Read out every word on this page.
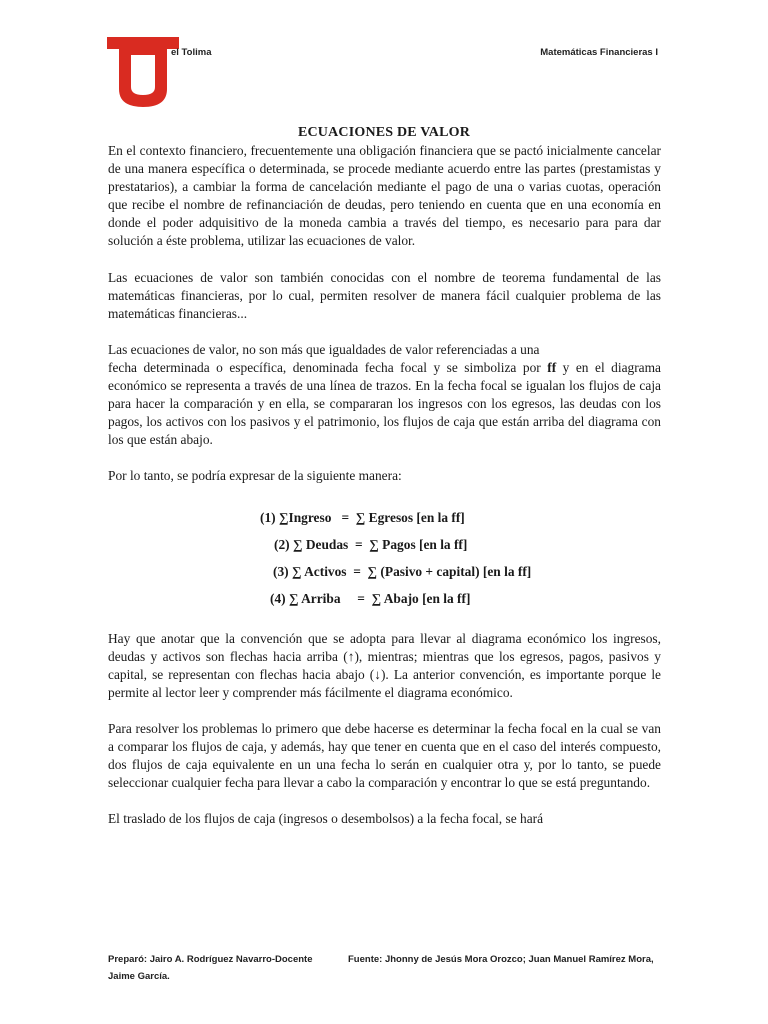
el Tolima	Matemáticas Financieras I
ECUACIONES DE VALOR

En el contexto financiero, frecuentemente una obligación financiera que se pactó inicialmente cancelar de una manera específica o determinada, se procede mediante acuerdo entre las partes (prestamistas y prestatarios), a cambiar la forma de cancelación mediante el pago de una o varias cuotas, operación que recibe el nombre de refinanciación de deudas, pero teniendo en cuenta que en una economía en donde el poder adquisitivo de la moneda cambia a través del tiempo, es necesario para para dar solución a éste problema, utilizar las ecuaciones de valor.

Las ecuaciones de valor son también conocidas con el nombre de teorema fundamental de las matemáticas financieras, por lo cual, permiten resolver de manera fácil cualquier problema de las matemáticas financieras...

Las ecuaciones de valor, no son más que igualdades de valor referenciadas a una
fecha determinada o específica, denominada fecha focal y se simboliza por ff y en el diagrama económico se representa a través de una línea de trazos. En la fecha focal se igualan los flujos de caja para hacer la comparación y en ella, se compararan los ingresos con los egresos, las deudas con los pagos, los activos con los pasivos y el patrimonio, los flujos de caja que están arriba del diagrama con los que están abajo.

Por lo tanto, se podría expresar de la siguiente manera:

(1) ∑Ingreso   =  ∑ Egresos [en la ff]
(2) ∑ Deudas  =  ∑ Pagos [en la ff]
(3) ∑ Activos  =  ∑ (Pasivo + capital) [en la ff]
(4) ∑ Arriba     =  ∑ Abajo [en la ff]

Hay que anotar que la convención que se adopta para llevar al diagrama económico los ingresos, deudas y activos son flechas hacia arriba (↑), mientras; mientras que los egresos, pagos, pasivos y capital, se representan con flechas hacia abajo (↓). La anterior convención, es importante porque le permite al lector leer y comprender más fácilmente el diagrama económico.

Para resolver los problemas lo primero que debe hacerse es determinar la fecha focal en la cual se van a comparar los flujos de caja, y además, hay que tener en cuenta que en el caso del interés compuesto, dos flujos de caja equivalente en un una fecha lo serán en cualquier otra y, por lo tanto, se puede seleccionar cualquier fecha para llevar a cabo la comparación y encontrar lo que se está preguntando.

El traslado de los flujos de caja (ingresos o desembolsos) a la fecha focal, se hará

Preparó: Jairo A. Rodríguez Navarro-Docente Jaime García.
Fuente: Jhonny de Jesús Mora Orozco; Juan Manuel Ramírez Mora,
